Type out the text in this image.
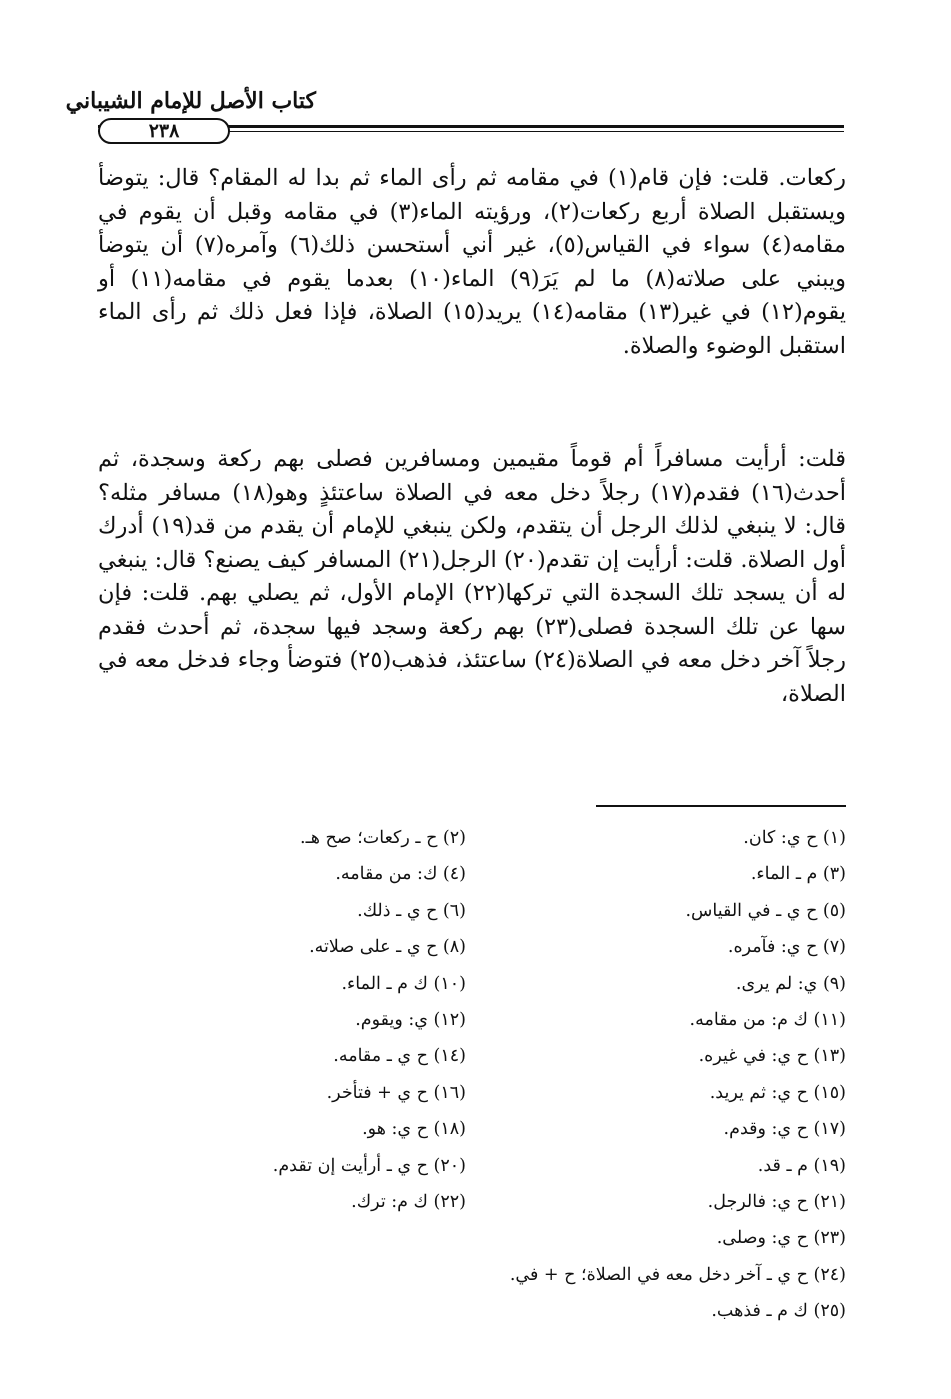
كتاب الأصل للإمام الشيباني
٢٣٨

ركعات. قلت: فإن قام(١) في مقامه ثم رأى الماء ثم بدا له المقام؟ قال: يتوضأ ويستقبل الصلاة أربع ركعات(٢)، ورؤيته الماء(٣) في مقامه وقبل أن يقوم في مقامه(٤) سواء في القياس(٥)، غير أني أستحسن ذلك(٦) وآمره(٧) أن يتوضأ ويبني على صلاته(٨) ما لم يَرَ(٩) الماء(١٠) بعدما يقوم في مقامه(١١) أو يقوم(١٢) في غير(١٣) مقامه(١٤) يريد(١٥) الصلاة، فإذا فعل ذلك ثم رأى الماء استقبل الوضوء والصلاة.

قلت: أرأيت مسافراً أم قوماً مقيمين ومسافرين فصلى بهم ركعة وسجدة، ثم أحدث(١٦) فقدم(١٧) رجلاً دخل معه في الصلاة ساعتئذٍ وهو(١٨) مسافر مثله؟ قال: لا ينبغي لذلك الرجل أن يتقدم، ولكن ينبغي للإمام أن يقدم من قد(١٩) أدرك أول الصلاة. قلت: أرأيت إن تقدم(٢٠) الرجل(٢١) المسافر كيف يصنع؟ قال: ينبغي له أن يسجد تلك السجدة التي تركها(٢٢) الإمام الأول، ثم يصلي بهم. قلت: فإن سها عن تلك السجدة فصلى(٢٣) بهم ركعة وسجد فيها سجدة، ثم أحدث فقدم رجلاً آخر دخل معه في الصلاة(٢٤) ساعتئذ، فذهب(٢٥) فتوضأ وجاء فدخل معه في الصلاة،

(١) ح ي: كان.
(٣) م ـ الماء.
(٥) ح ي ـ في القياس.
(٧) ح ي: فآمره.
(٩) ي: لم يرى.
(١١) ك م: من مقامه.
(١٣) ح ي: في غيره.
(١٥) ح ي: ثم يريد.
(١٧) ح ي: وقدم.
(١٩) م ـ قد.
(٢١) ح ي: فالرجل.
(٢٣) ح ي: وصلى.
(٢) ح ـ ركعات؛ صح هـ.
(٤) ك: من مقامه.
(٦) ح ي ـ ذلك.
(٨) ح ي ـ على صلاته.
(١٠) ك م ـ الماء.
(١٢) ي: ويقوم.
(١٤) ح ي ـ مقامه.
(١٦) ح ي + فتأخر.
(١٨) ح ي: هو.
(٢٠) ح ي ـ أرأيت إن تقدم.
(٢٢) ك م: ترك.
(٢٤) ح ي ـ آخر دخل معه في الصلاة؛ ح + في.
(٢٥) ك م ـ فذهب.
